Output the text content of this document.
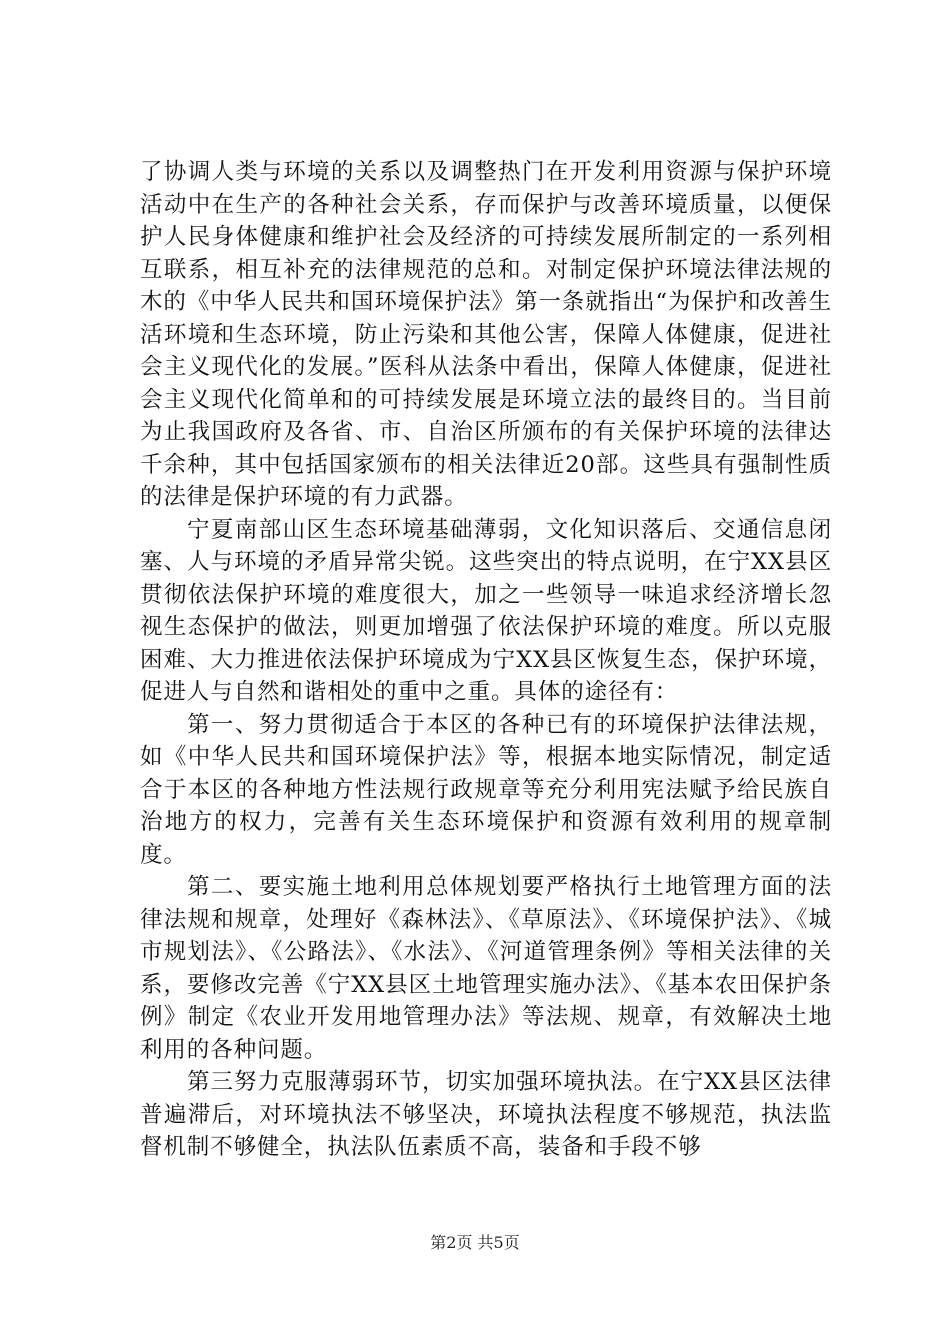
了协调人类与环境的关系以及调整热门在开发利用资源与保护环境活动中在生产的各种社会关系，存而保护与改善环境质量，以便保护人民身体健康和维护社会及经济的可持续发展所制定的一系列相互联系，相互补充的法律规范的总和。对制定保护环境法律法规的木的《中华人民共和国环境保护法》第一条就指出“为保护和改善生活环境和生态环境，防止污染和其他公害，保障人体健康，促进社会主义现代化的发展。”医科从法条中看出，保障人体健康，促进社会主义现代化简单和的可持续发展是环境立法的最终目的。当目前为止我国政府及各省、市、自治区所颁布的有关保护环境的法律达千余种，其中包括国家颁布的相关法律近20部。这些具有强制性质的法律是保护环境的有力武器。

宁夏南部山区生态环境基础薄弱，文化知识落后、交通信息闭塞、人与环境的矛盾异常尖锐。这些突出的特点说明，在宁XX县区贯彻依法保护环境的难度很大，加之一些领导一味追求经济增长忽视生态保护的做法，则更加增强了依法保护环境的难度。所以克服困难、大力推进依法保护环境成为宁XX县区恢复生态，保护环境，促进人与自然和谐相处的重中之重。具体的途径有：

第一、努力贯彻适合于本区的各种已有的环境保护法律法规，如《中华人民共和国环境保护法》等，根据本地实际情况，制定适合于本区的各种地方性法规行政规章等充分利用宪法赋予给民族自治地方的权力，完善有关生态环境保护和资源有效利用的规章制度。

第二、要实施土地利用总体规划要严格执行土地管理方面的法律法规和规章，处理好《森林法》、《草原法》、《环境保护法》、《城市规划法》、《公路法》、《水法》、《河道管理条例》等相关法律的关系，要修改完善《宁XX县区土地管理实施办法》、《基本农田保护条例》制定《农业开发用地管理办法》等法规、规章，有效解决土地利用的各种问题。

第三努力克服薄弱环节，切实加强环境执法。在宁XX县区法律普遍滞后，对环境执法不够坚决，环境执法程度不够规范，执法监督机制不够健全，执法队伍素质不高，装备和手段不够

第2页 共5页
